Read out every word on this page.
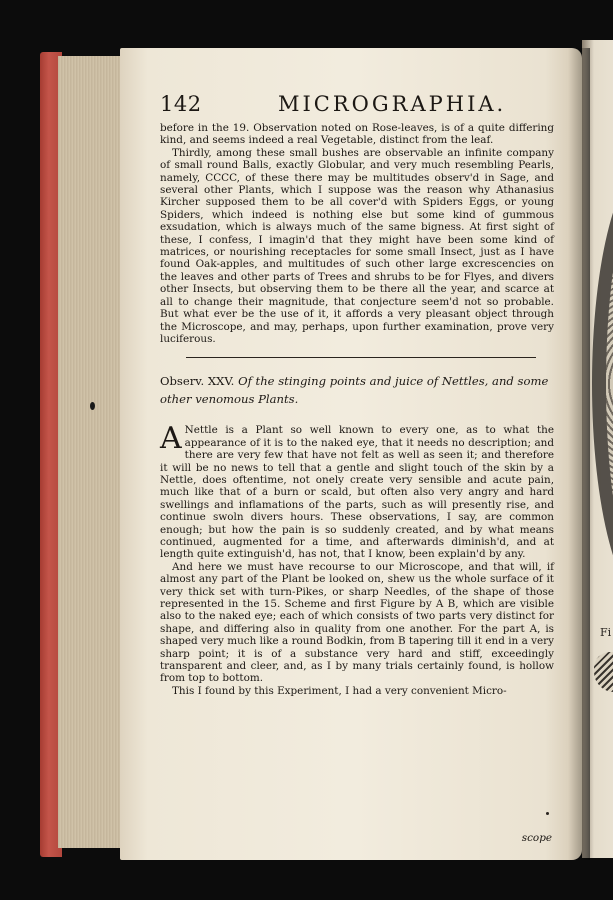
Fi
142	MICROGRAPHIA.

before in the 19. Observation noted on Rose-leaves, is of a quite differing kind, and seems indeed a real Vegetable, distinct from the leaf.

Thirdly, among these small bushes are observable an infinite company of small round Balls, exactly Globular, and very much resembling Pearls, namely, CCCC, of these there may be multitudes observ'd in Sage, and several other Plants, which I suppose was the reason why Athanasius Kircher supposed them to be all cover'd with Spiders Eggs, or young Spiders, which indeed is nothing else but some kind of gummous exsudation, which is always much of the same bigness. At first sight of these, I confess, I imagin'd that they might have been some kind of matrices, or nourishing receptacles for some small Insect, just as I have found Oak-apples, and multitudes of such other large excrescencies on the leaves and other parts of Trees and shrubs to be for Flyes, and divers other Insects, but observing them to be there all the year, and scarce at all to change their magnitude, that conjecture seem'd not so probable. But what ever be the use of it, it affords a very pleasant object through the Microscope, and may, perhaps, upon further examination, prove very luciferous.

Observ. XXV. Of the stinging points and juice of Nettles, and some other venomous Plants.

A Nettle is a Plant so well known to every one, as to what the appearance of it is to the naked eye, that it needs no description; and there are very few that have not felt as well as seen it; and therefore it will be no news to tell that a gentle and slight touch of the skin by a Nettle, does oftentime, not onely create very sensible and acute pain, much like that of a burn or scald, but often also very angry and hard swellings and inflamations of the parts, such as will presently rise, and continue swoln divers hours. These observations, I say, are common enough; but how the pain is so suddenly created, and by what means continued, augmented for a time, and afterwards diminish'd, and at length quite extinguish'd, has not, that I know, been explain'd by any.

And here we must have recourse to our Microscope, and that will, if almost any part of the Plant be looked on, shew us the whole surface of it very thick set with turn-Pikes, or sharp Needles, of the shape of those represented in the 15. Scheme and first Figure by A B, which are visible also to the naked eye; each of which consists of two parts very distinct for shape, and differing also in quality from one another. For the part A, is shaped very much like a round Bodkin, from B tapering till it end in a very sharp point; it is of a substance very hard and stiff, exceedingly transparent and cleer, and, as I by many trials certainly found, is hollow from top to bottom.

This I found by this Experiment, I had a very convenient Micro-

scope
